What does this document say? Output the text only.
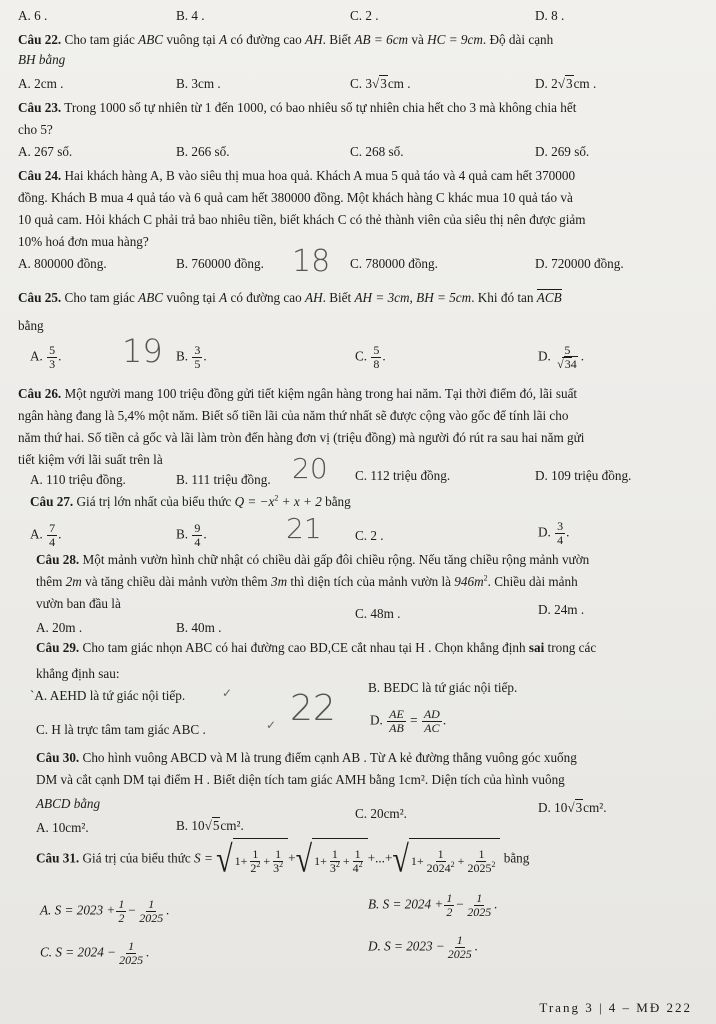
A. 6 .	B. 4 .	C. 2 .	D. 8 .
Câu 22. Cho tam giác ABC vuông tại A có đường cao AH. Biết AB = 6cm và HC = 9cm. Độ dài cạnh
BH bằng
A. 2cm .	B. 3cm .	C. 3√3cm .	D. 2√3cm .
Câu 23. Trong 1000 số tự nhiên từ 1 đến 1000, có bao nhiêu số tự nhiên chia hết cho 3 mà không chia hết
cho 5?
A. 267 số.	B. 266 số.	C. 268 số.	D. 269 số.
Câu 24. Hai khách hàng A, B vào siêu thị mua hoa quả. Khách A mua 5 quả táo và 4 quả cam hết 370000
đồng. Khách B mua 4 quả táo và 6 quả cam hết 380000 đồng. Một khách hàng C khác mua 10 quả táo và
10 quả cam. Hỏi khách C phải trả bao nhiêu tiền, biết khách C có thẻ thành viên của siêu thị nên được giảm
10% hoá đơn mua hàng?
A. 800000 đồng.	B. 760000 đồng. 18 C. 780000 đồng.	D. 720000 đồng.
Câu 25. Cho tam giác ABC vuông tại A có đường cao AH. Biết AH = 3cm, BH = 5cm. Khi đó tan ACB
bằng
A. $\frac{5}{3}$ . 19 B. $\frac{3}{5}$ .	C. $\frac{5}{8}$ .	D. $\frac{5}{√34}$ .
Câu 26. Một người mang 100 triệu đồng gửi tiết kiệm ngân hàng trong hai năm. Tại thời điểm đó, lãi suất
ngân hàng đang là 5,4% một năm. Biết số tiền lãi của năm thứ nhất sẽ được cộng vào gốc để tính lãi cho
năm thứ hai. Số tiền cả gốc và lãi làm tròn đến hàng đơn vị (triệu đồng) mà người đó rút ra sau hai năm gửi
tiết kiệm với lãi suất trên là
A. 110 triệu đồng.	B. 111 triệu đồng. 20 C. 112 triệu đồng.	D. 109 triệu đồng.
Câu 27. Giá trị lớn nhất của biểu thức $Q = -x^2 + x + 2$ bằng
A. $\frac{7}{4}$ .	B. $\frac{9}{4}$ .	21	C. 2 .	D. $\frac{3}{4}$ .
Câu 28. Một mảnh vườn hình chữ nhật có chiều dài gấp đôi chiều rộng. Nếu tăng chiều rộng mảnh vườn
thêm 2m và tăng chiều dài mảnh vườn thêm 3m thì diện tích của mảnh vườn là $946m^2$. Chiều dài mảnh
vườn ban đầu là
A. 20m .	B. 40m .
C. 48m .	D. 24m .
Câu 29. Cho tam giác nhọn ABC có hai đường cao BD,CE cắt nhau tại H . Chọn khẳng định sai trong các
khẳng định sau:
`A. AEHD là tứ giác nội tiếp.	✓	B. BEDC là tứ giác nội tiếp.
C. H là trực tâm tam giác ABC .	✓ 22	D. $\frac{AE}{AB} = \frac{AD}{AC}$ .
Câu 30. Cho hình vuông ABCD và M là trung điểm cạnh AB . Từ A kẻ đường thẳng vuông góc xuống
DM và cắt cạnh DM tại điểm H . Biết diện tích tam giác AMH bằng 1cm². Diện tích của hình vuông
ABCD bằng
A. 10cm².	B. 10√5cm².
C. 20cm².	D. 10√3cm².
Câu 31. Giá trị của biểu thức S = √ $1+ \frac{1}{2^2} + \frac{1}{3^2}$ + √ $1+ \frac{1}{3^2} + \frac{1}{4^2}$ +...+ √ $1+ \frac{1}{2024^2} + \frac{1}{2025^2}$ bằng
A. $S = 2023 + \frac{1}{2} - \frac{1}{2025}$ .	B. $S = 2024 + \frac{1}{2} - \frac{1}{2025}$ .
C. $S = 2024 - \frac{1}{2025}$ .	D. $S = 2023 - \frac{1}{2025}$ .
Trang 3 | 4 – MĐ 222
